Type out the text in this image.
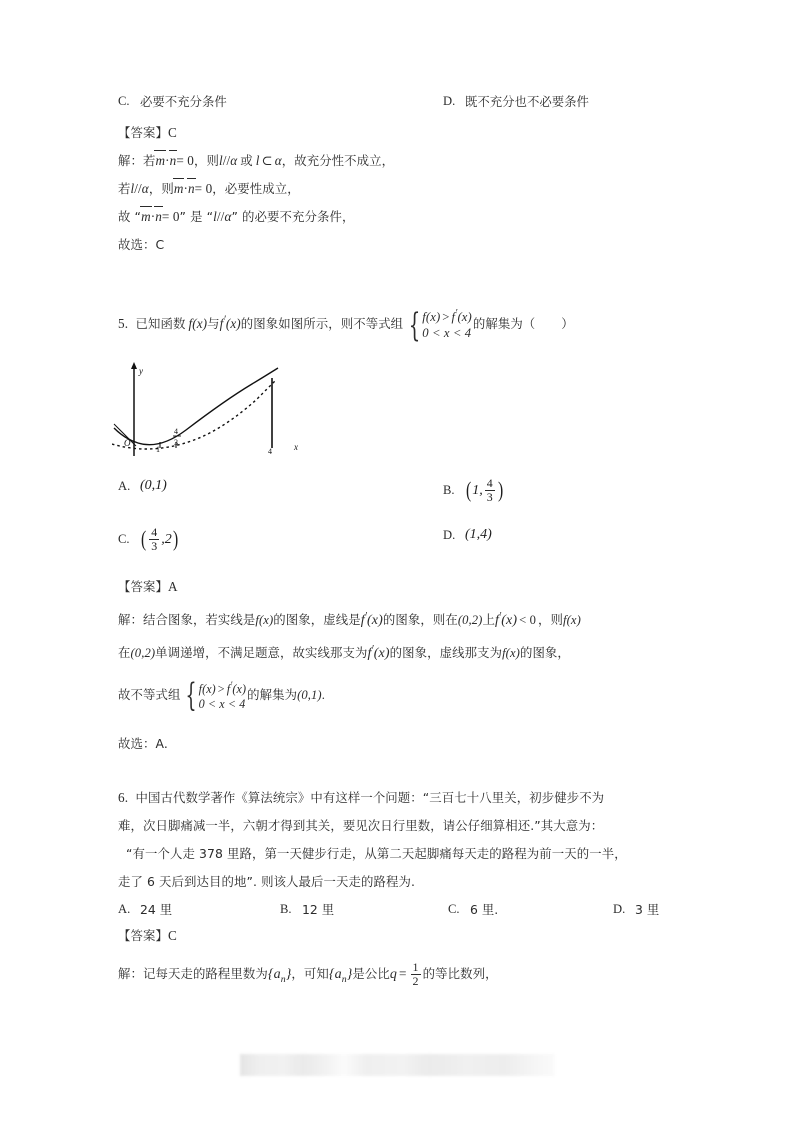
C. 必要不充分条件	D. 既不充分也不必要条件
【答案】C
解：若m·n= 0，则l//α 或 l ⊂ α，故充分性不成立，
若l//α，则m·n= 0，必要性成立，
故 “m·n= 0” 是 “l//α” 的必要不充分条件，
故选：C
5. 已知函数 f(x)与f′(x)的图象如图所示，则不等式组 { f(x) > f′(x)
0 < x < 4
的解集为（ ）
y
x
O
1
4
3
4
A. (0,1)	B. ( 1, $\frac{4}{3}$ )
C. ( $\frac{4}{3} ,2$ )	D. (1,4)
【答案】A
解：结合图象，若实线是f(x)的图象，虚线是f′(x)的图象，则在(0,2)上f′(x) < 0 ，则f(x)
在(0,2)单调递增，不满足题意，故实线那支为f′(x)的图象，虚线那支为f(x)的图象，
故不等式组 { f(x) > f′(x)
0 < x < 4
的解集为(0,1).
故选：A.
6. 中国古代数学著作《算法统宗》中有这样一个问题：“三百七十八里关，初步健步不为
难，次日脚痛减一半，六朝才得到其关，要见次日行里数，请公仔细算相还.”其大意为：
“有一个人走 378 里路，第一天健步行走，从第二天起脚痛每天走的路程为前一天的一半，
走了 6 天后到达目的地”. 则该人最后一天走的路程为.
A. 24 里	B. 12 里	C. 6 里.	D. 3 里
【答案】C
解：记每天走的路程里数为$\{a_n\}$，可知$\{a_n\}$是公比$q = \frac{1}{2}$ 的等比数列，
